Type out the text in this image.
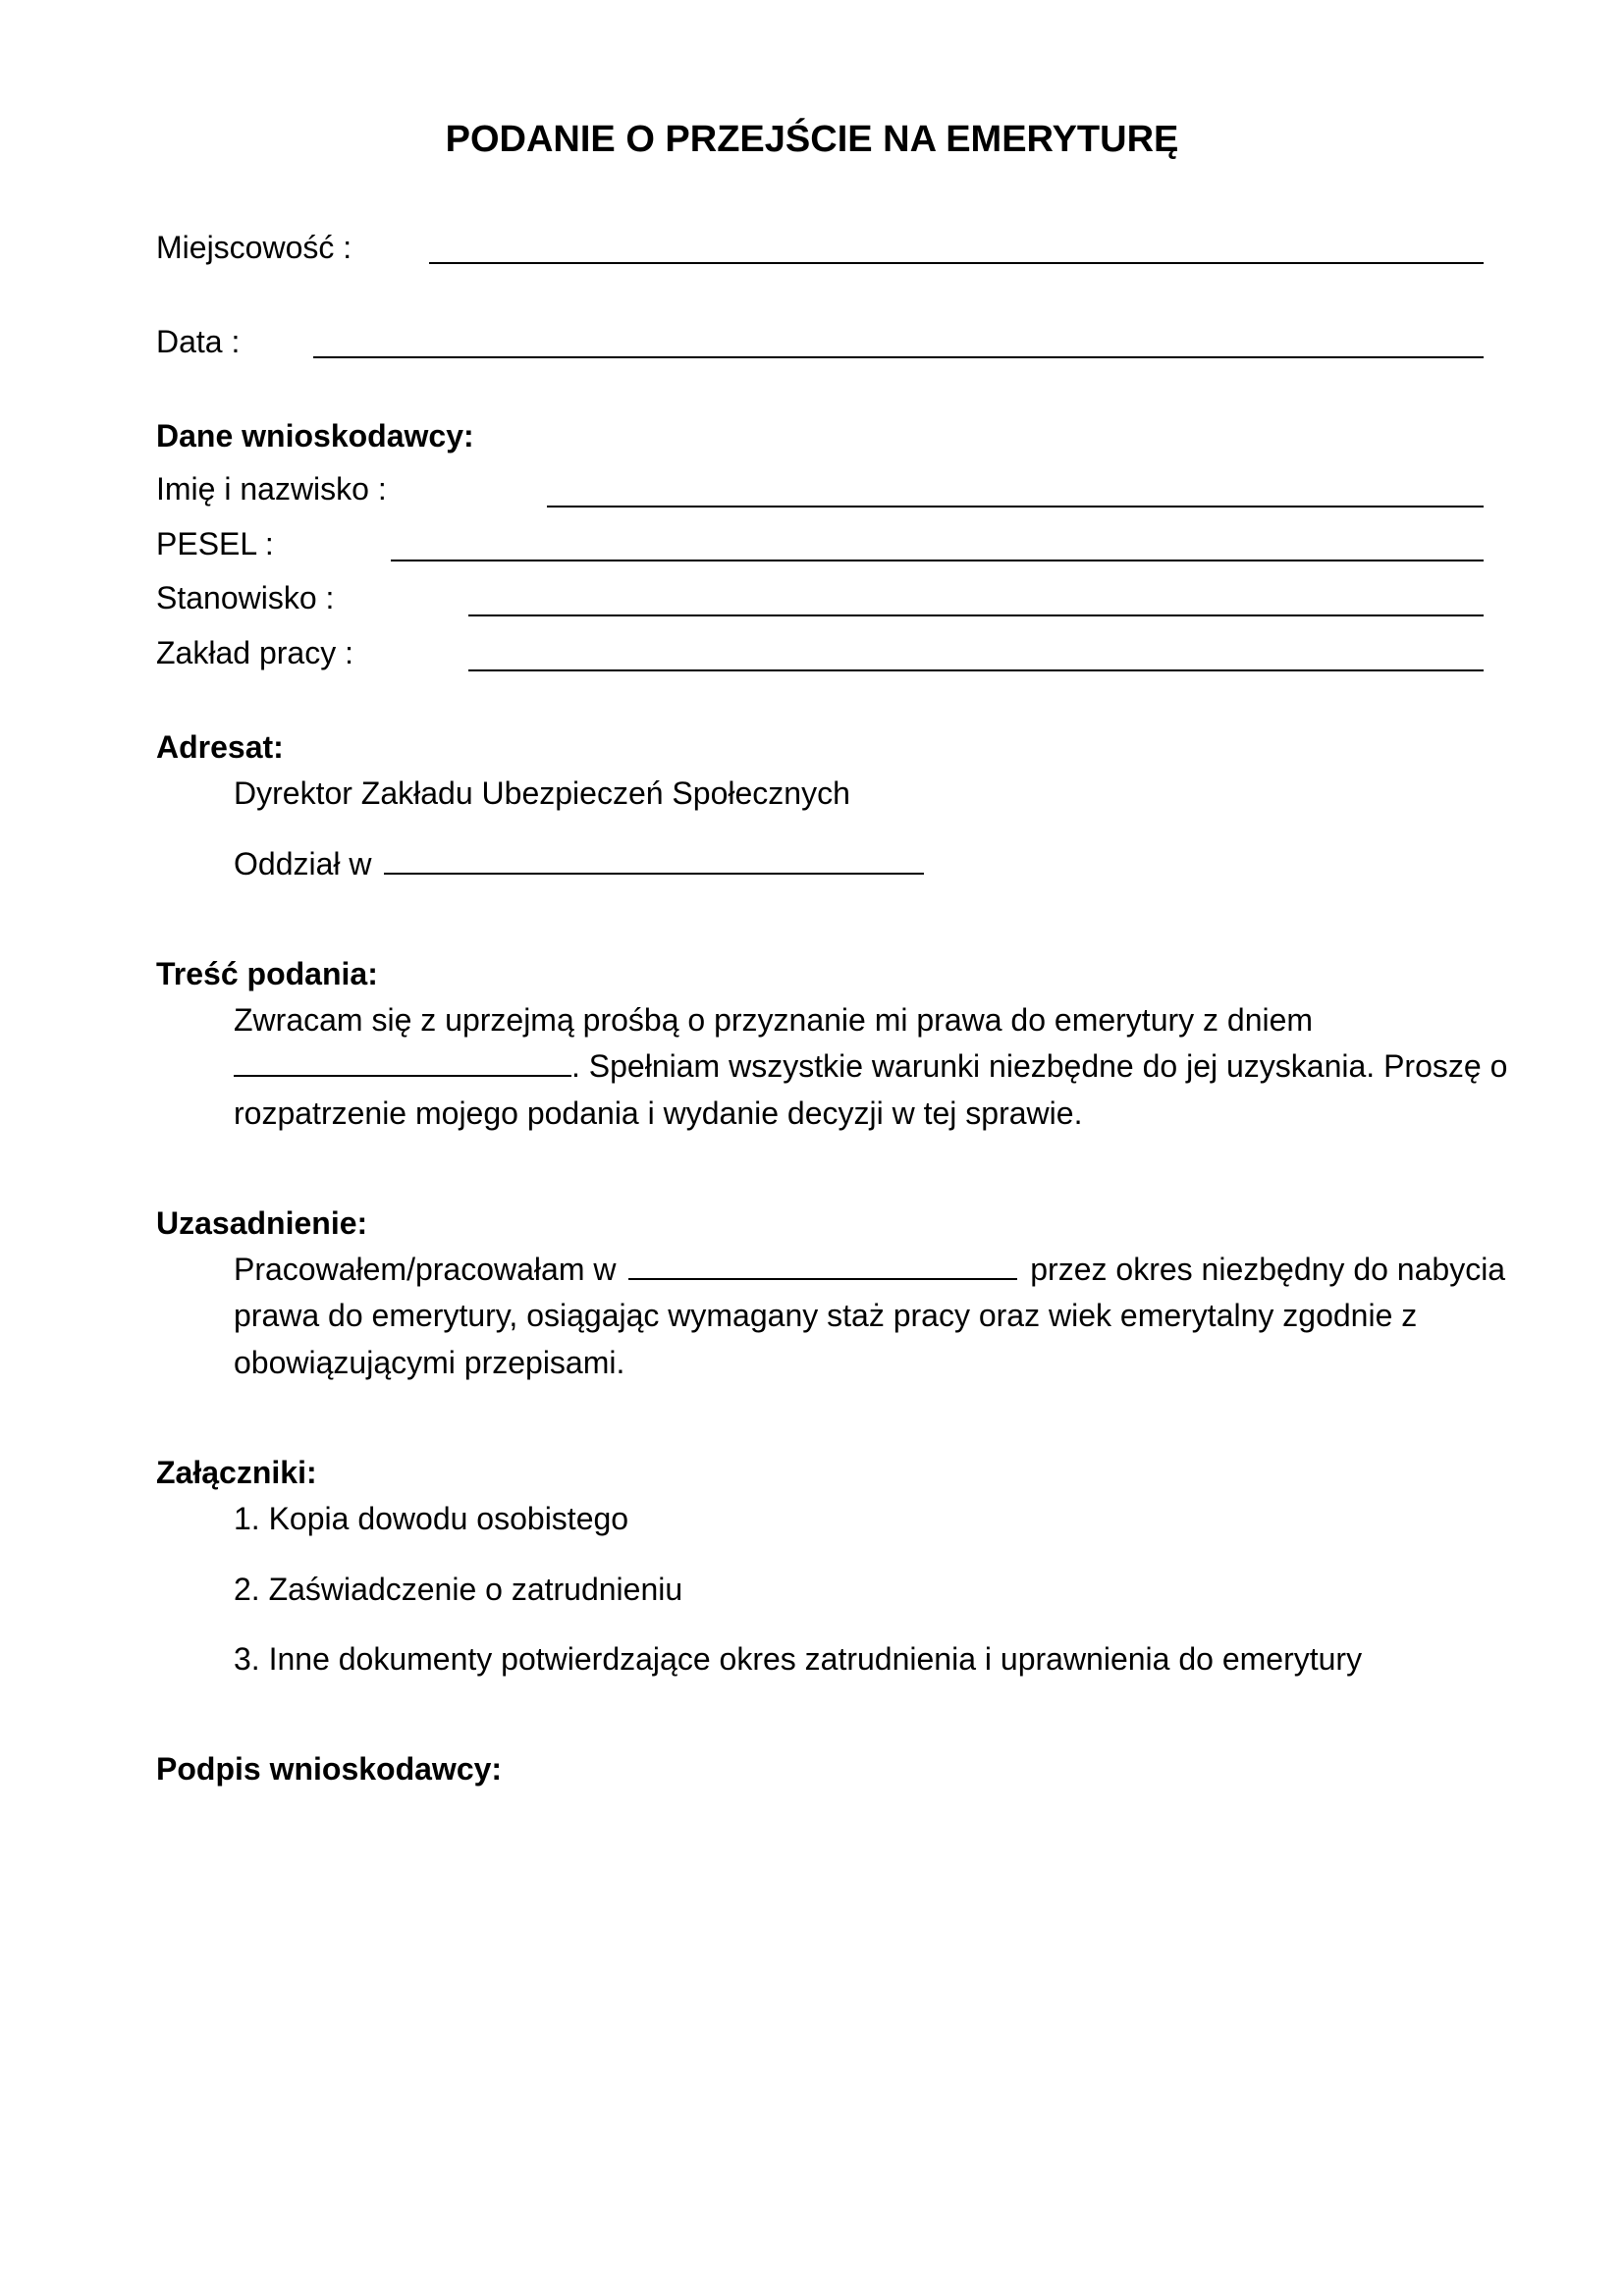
PODANIE O PRZEJŚCIE NA EMERYTURĘ
Miejscowość :
Data :
Dane wnioskodawcy:
Imię i nazwisko :
PESEL :
Stanowisko :
Zakład pracy :
Adresat:
Dyrektor Zakładu Ubezpieczeń Społecznych
Oddział w
Treść podania:
Zwracam się z uprzejmą prośbą o przyznanie mi prawa do emerytury z dniem
. Spełniam wszystkie warunki niezbędne do jej uzyskania. Proszę o
rozpatrzenie mojego podania i wydanie decyzji w tej sprawie.
Uzasadnienie:
Pracowałem/pracowałam w	przez okres niezbędny do nabycia
prawa do emerytury, osiągając wymagany staż pracy oraz wiek emerytalny zgodnie z
obowiązującymi przepisami.
Załączniki:
1. Kopia dowodu osobistego
2. Zaświadczenie o zatrudnieniu
3. Inne dokumenty potwierdzające okres zatrudnienia i uprawnienia do emerytury
Podpis wnioskodawcy:
